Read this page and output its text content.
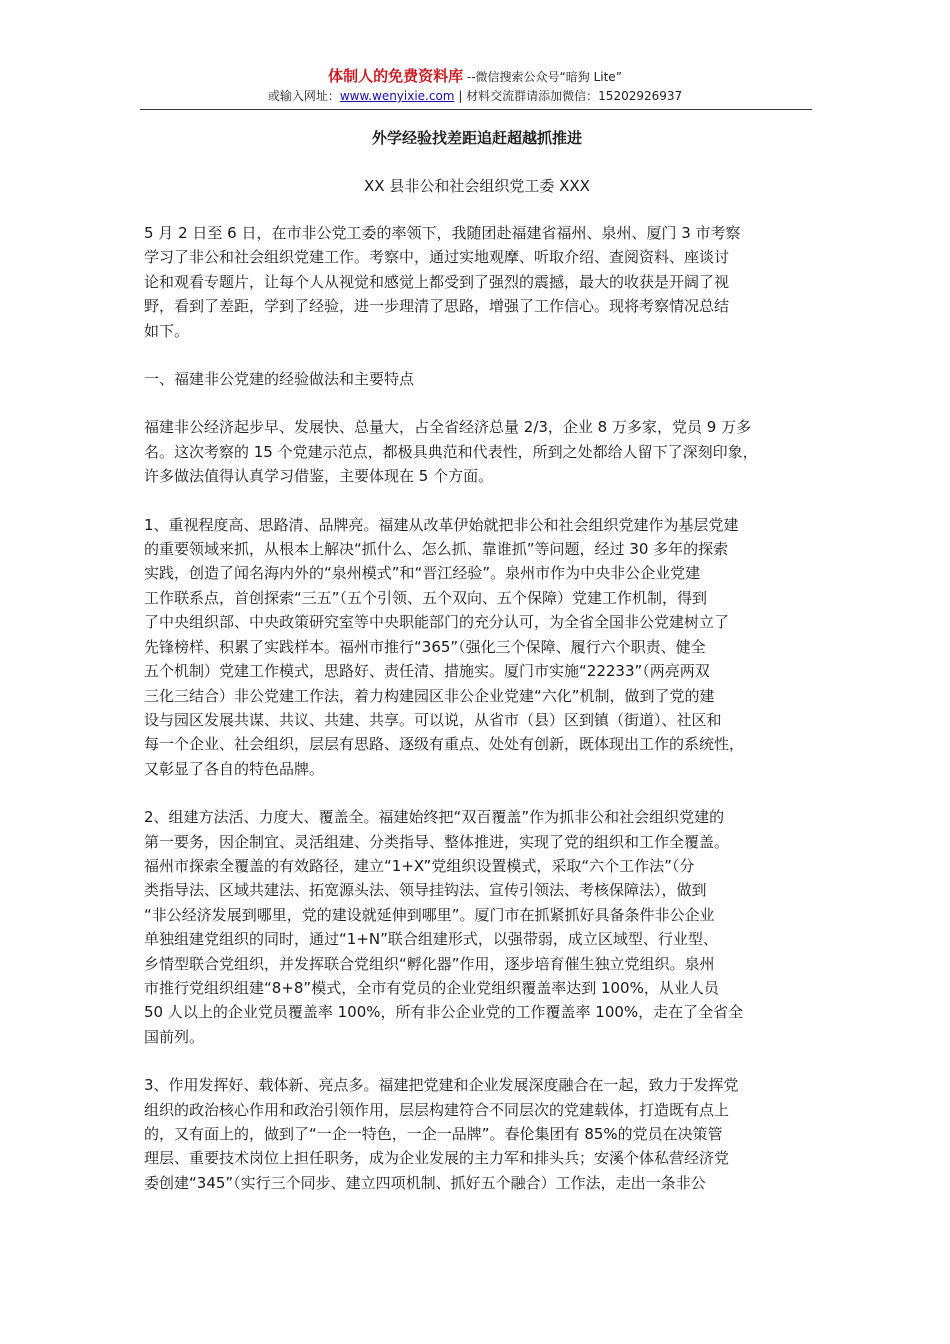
体制人的免费资料库 --微信搜索公众号“暗狗 Lite”
或输入网址：www.wenyixie.com | 材料交流群请添加微信：15202926937
外学经验找差距追赶超越抓推进
XX 县非公和社会组织党工委 XXX
5 月 2 日至 6 日，在市非公党工委的率领下，我随团赴福建省福州、泉州、厦门 3 市考察
学习了非公和社会组织党建工作。考察中，通过实地观摩、听取介绍、查阅资料、座谈讨
论和观看专题片，让每个人从视觉和感觉上都受到了强烈的震撼，最大的收获是开阔了视
野，看到了差距，学到了经验，进一步理清了思路，增强了工作信心。现将考察情况总结
如下。
一、福建非公党建的经验做法和主要特点
福建非公经济起步早、发展快、总量大，占全省经济总量 2/3，企业 8 万多家，党员 9 万多
名。这次考察的 15 个党建示范点，都极具典范和代表性，所到之处都给人留下了深刻印象，
许多做法值得认真学习借鉴，主要体现在 5 个方面。
1、重视程度高、思路清、品牌亮。福建从改革伊始就把非公和社会组织党建作为基层党建
的重要领域来抓，从根本上解决“抓什么、怎么抓、靠谁抓”等问题，经过 30 多年的探索
实践，创造了闻名海内外的“泉州模式”和“晋江经验”。泉州市作为中央非公企业党建
工作联系点，首创探索“三五”（五个引领、五个双向、五个保障）党建工作机制，得到
了中央组织部、中央政策研究室等中央职能部门的充分认可，为全省全国非公党建树立了
先锋榜样、积累了实践样本。福州市推行“365”（强化三个保障、履行六个职责、健全
五个机制）党建工作模式，思路好、责任清、措施实。厦门市实施“22233”（两亮两双
三化三结合）非公党建工作法，着力构建园区非公企业党建“六化”机制，做到了党的建
设与园区发展共谋、共议、共建、共享。可以说，从省市（县）区到镇（街道）、社区和
每一个企业、社会组织，层层有思路、逐级有重点、处处有创新，既体现出工作的系统性，
又彰显了各自的特色品牌。
2、组建方法活、力度大、覆盖全。福建始终把“双百覆盖”作为抓非公和社会组织党建的
第一要务，因企制宜、灵活组建、分类指导、整体推进，实现了党的组织和工作全覆盖。
福州市探索全覆盖的有效路径，建立“1+X”党组织设置模式，采取“六个工作法”（分
类指导法、区域共建法、拓宽源头法、领导挂钩法、宣传引领法、考核保障法），做到
“非公经济发展到哪里，党的建设就延伸到哪里”。厦门市在抓紧抓好具备条件非公企业
单独组建党组织的同时，通过“1+N”联合组建形式，以强带弱，成立区域型、行业型、
乡情型联合党组织，并发挥联合党组织“孵化器”作用，逐步培育催生独立党组织。泉州
市推行党组织组建“8+8”模式，全市有党员的企业党组织覆盖率达到 100%，从业人员
50 人以上的企业党员覆盖率 100%，所有非公企业党的工作覆盖率 100%，走在了全省全
国前列。
3、作用发挥好、载体新、亮点多。福建把党建和企业发展深度融合在一起，致力于发挥党
组织的政治核心作用和政治引领作用，层层构建符合不同层次的党建载体，打造既有点上
的，又有面上的，做到了“一企一特色，一企一品牌”。春伦集团有 85%的党员在决策管
理层、重要技术岗位上担任职务，成为企业发展的主力军和排头兵；安溪个体私营经济党
委创建“345”（实行三个同步、建立四项机制、抓好五个融合）工作法，走出一条非公
